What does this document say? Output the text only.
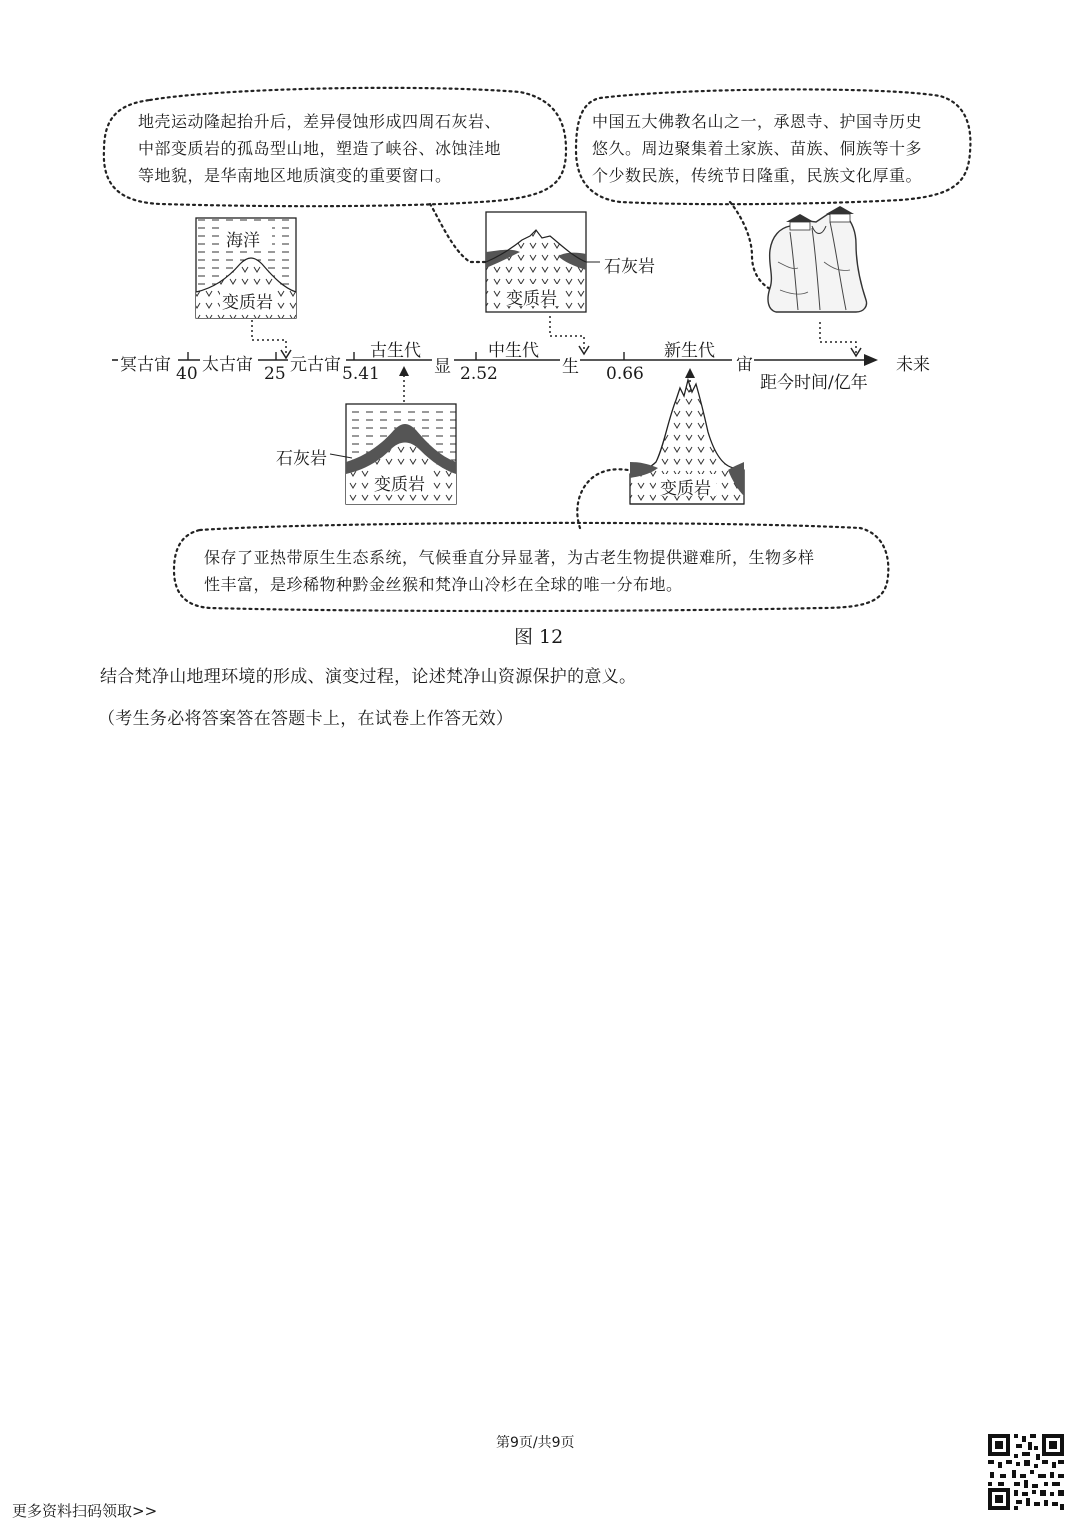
地壳运动隆起抬升后，差异侵蚀形成四周石灰岩、
中部变质岩的孤岛型山地，塑造了峡谷、冰蚀洼地
等地貌，是华南地区地质演变的重要窗口。
中国五大佛教名山之一，承恩寺、护国寺历史
悠久。周边聚集着土家族、苗族、侗族等十多
个少数民族，传统节日隆重，民族文化厚重。
保存了亚热带原生生态系统，气候垂直分异显著，为古老生物提供避难所，生物多样
性丰富，是珍稀物种黔金丝猴和梵净山冷杉在全球的唯一分布地。
海洋
变质岩	变质岩
石灰岩
石灰岩
变质岩	变质岩
冥古宙 太古宙 元古宙	显	生	宙
古生代	中生代	新生代
40	25	5.41	2.52	0.66	未来
距今时间/亿年
图 12
结合梵净山地理环境的形成、演变过程，论述梵净山资源保护的意义。
（考生务必将答案答在答题卡上，在试卷上作答无效）
第9页/共9页
更多资料扫码领取>>
